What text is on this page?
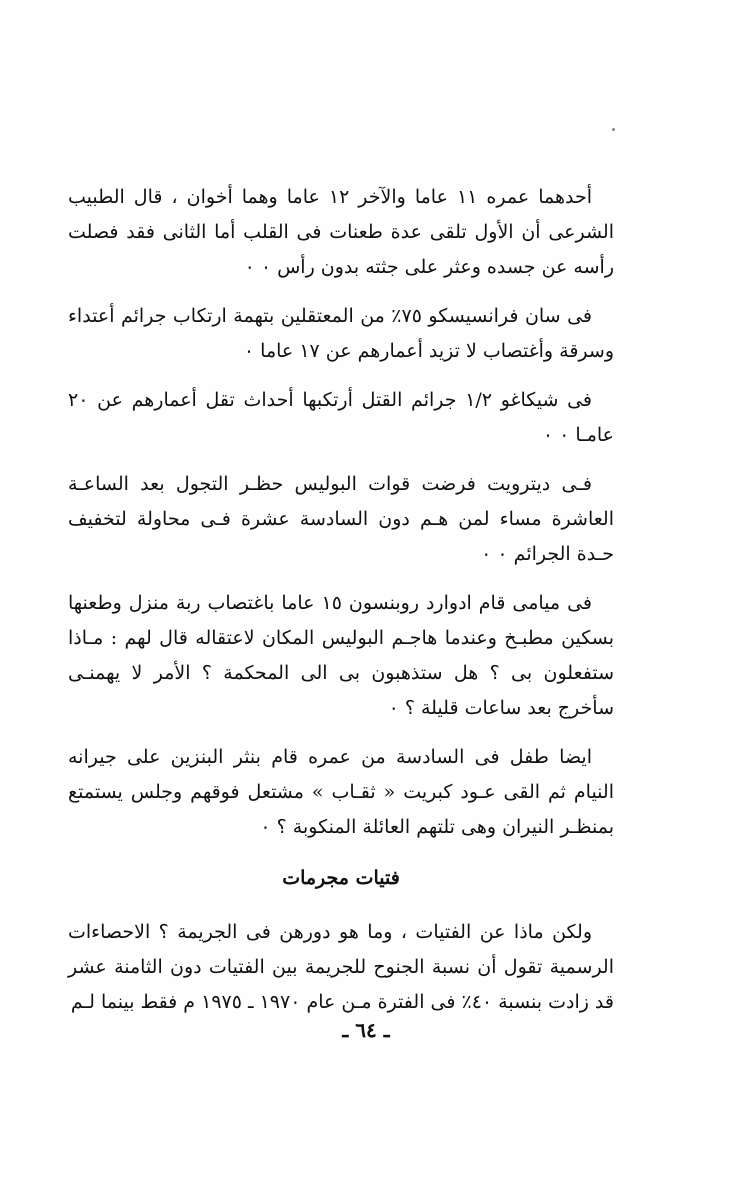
أحدهما عمره ١١ عاما والآخر ١٢ عاما وهما أخوان ، قال الطبيب الشرعى أن الأول تلقى عدة طعنات فى القلب أما الثانى فقد فصلت رأسه عن جسده وعثر على جثته بدون رأس ٠ ٠

فى سان فرانسيسكو ٧٥٪ من المعتقلين بتهمة ارتكاب جرائم أعتداء وسرقة وأغتصاب لا تزيد أعمارهم عن ١٧ عاما ٠

فى شيكاغو ١/٢ جرائم القتل أرتكبها أحداث تقل أعمارهم عن ٢٠ عامـا ٠ ٠

فـى ديترويت فرضت قوات البوليس حظـر التجول بعد الساعـة العاشرة مساء لمن هـم دون السادسة عشرة فـى محاولة لتخفيف حـدة الجرائم ٠ ٠

فى ميامى قام ادوارد روبنسون ١٥ عاما باغتصاب ربة منزل وطعنها بسكين مطبـخ وعندما هاجـم البوليس المكان لاعتقاله قال لهم : مـاذا ستفعلون بى ؟ هل ستذهبون بى الى المحكمة ؟ الأمر لا يهمنـى سأخرج بعد ساعات قليلة ؟ ٠

ايضا طفل فى السادسة من عمره قام بنثر البنزين على جيرانه النيام ثم القى عـود كبريت « ثقـاب » مشتعل فوقهم وجلس يستمتع بمنظـر النيران وهى تلتهم العائلة المنكوبة ؟ ٠

فتيات مجرمات

ولكن ماذا عن الفتيات ، وما هو دورهن فى الجريمة ؟ الاحصاءات الرسمية تقول أن نسبة الجنوح للجريمة بين الفتيات دون الثامنة عشر قد زادت بنسبة ٤٠٪ فى الفترة مـن عام ١٩٧٠ ـ ١٩٧٥ م فقط بينما لـم

ـ ٦٤ ـ
